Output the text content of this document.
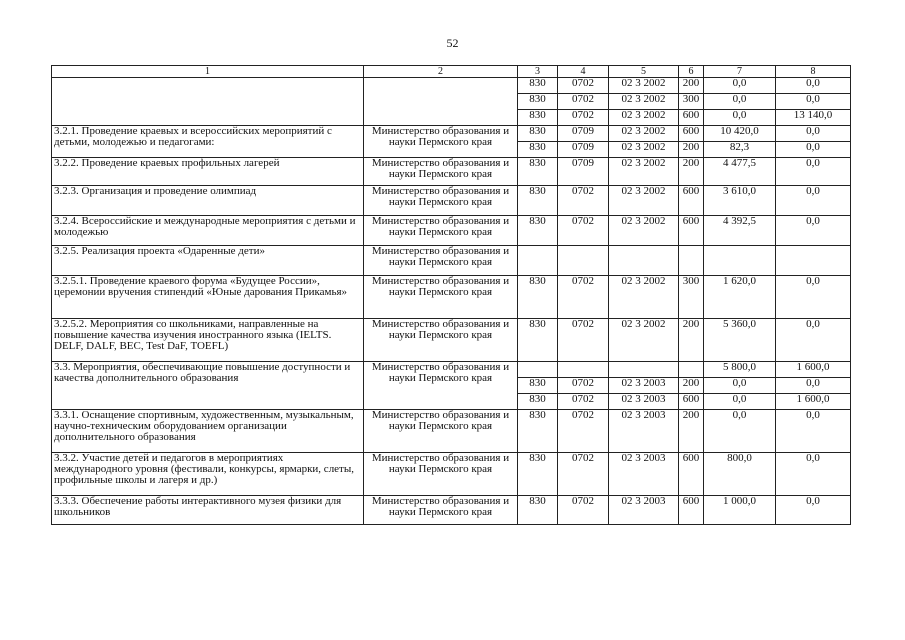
52
1	2	3	4	5	6	7	8
		830	0702	02 3 2002	200	0,0	0,0
		830	0702	02 3 2002	300	0,0	0,0
		830	0702	02 3 2002	600	0,0	13 140,0
3.2.1. Проведение краевых и всероссийских мероприятий с детьми, молодежью и педагогами:	Министерство образования и науки Пермского края	830	0709	02 3 2002	600	10 420,0	0,0
		830	0709	02 3 2002	200	82,3	0,0
3.2.2. Проведение краевых профильных лагерей	Министерство образования и науки Пермского края	830	0709	02 3 2002	200	4 477,5	0,0
3.2.3. Организация и проведение олимпиад	Министерство образования и науки Пермского края	830	0702	02 3 2002	600	3 610,0	0,0
3.2.4. Всероссийские и международные мероприятия с детьми и молодежью	Министерство образования и науки Пермского края	830	0702	02 3 2002	600	4 392,5	0,0
3.2.5. Реализация проекта «Одаренные дети»	Министерство образования и науки Пермского края						
3.2.5.1. Проведение краевого форума «Будущее России», церемонии вручения стипендий «Юные дарования Прикамья»	Министерство образования и науки Пермского края	830	0702	02 3 2002	300	1 620,0	0,0
3.2.5.2. Мероприятия со школьниками, направленные на повышение качества изучения иностранного языка (IELTS. DELF, DALF, BEC, Test DaF, TOEFL)	Министерство образования и науки Пермского края	830	0702	02 3 2002	200	5 360,0	0,0
3.3. Мероприятия, обеспечивающие повышение доступности и качества дополнительного образования	Министерство образования и науки Пермского края					5 800,0	1 600,0
		830	0702	02 3 2003	200	0,0	0,0
		830	0702	02 3 2003	600	0,0	1 600,0
3.3.1. Оснащение спортивным, художественным, музыкальным, научно-техническим оборудованием организации дополнительного образования	Министерство образования и науки Пермского края	830	0702	02 3 2003	200	0,0	0,0
3.3.2. Участие детей и педагогов в мероприятиях международного уровня (фестивали, конкурсы, ярмарки, слеты, профильные школы и лагеря и др.)	Министерство образования и науки Пермского края	830	0702	02 3 2003	600	800,0	0,0
3.3.3. Обеспечение работы интерактивного музея физики для школьников	Министерство образования и науки Пермского края	830	0702	02 3 2003	600	1 000,0	0,0
